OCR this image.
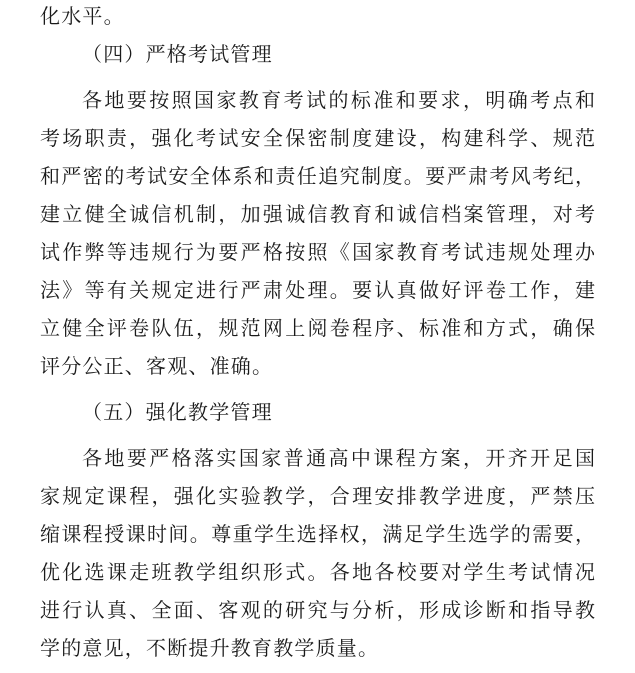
化水平。
（四）严格考试管理
各地要按照国家教育考试的标准和要求，明确考点和
考场职责，强化考试安全保密制度建设，构建科学、规范
和严密的考试安全体系和责任追究制度。要严肃考风考纪，
建立健全诚信机制，加强诚信教育和诚信档案管理，对考
试作弊等违规行为要严格按照《国家教育考试违规处理办
法》等有关规定进行严肃处理。要认真做好评卷工作，建
立健全评卷队伍，规范网上阅卷程序、标准和方式，确保
评分公正、客观、准确。
（五）强化教学管理
各地要严格落实国家普通高中课程方案，开齐开足国
家规定课程，强化实验教学，合理安排教学进度，严禁压
缩课程授课时间。尊重学生选择权，满足学生选学的需要，
优化选课走班教学组织形式。各地各校要对学生考试情况
进行认真、全面、客观的研究与分析，形成诊断和指导教
学的意见，不断提升教育教学质量。
